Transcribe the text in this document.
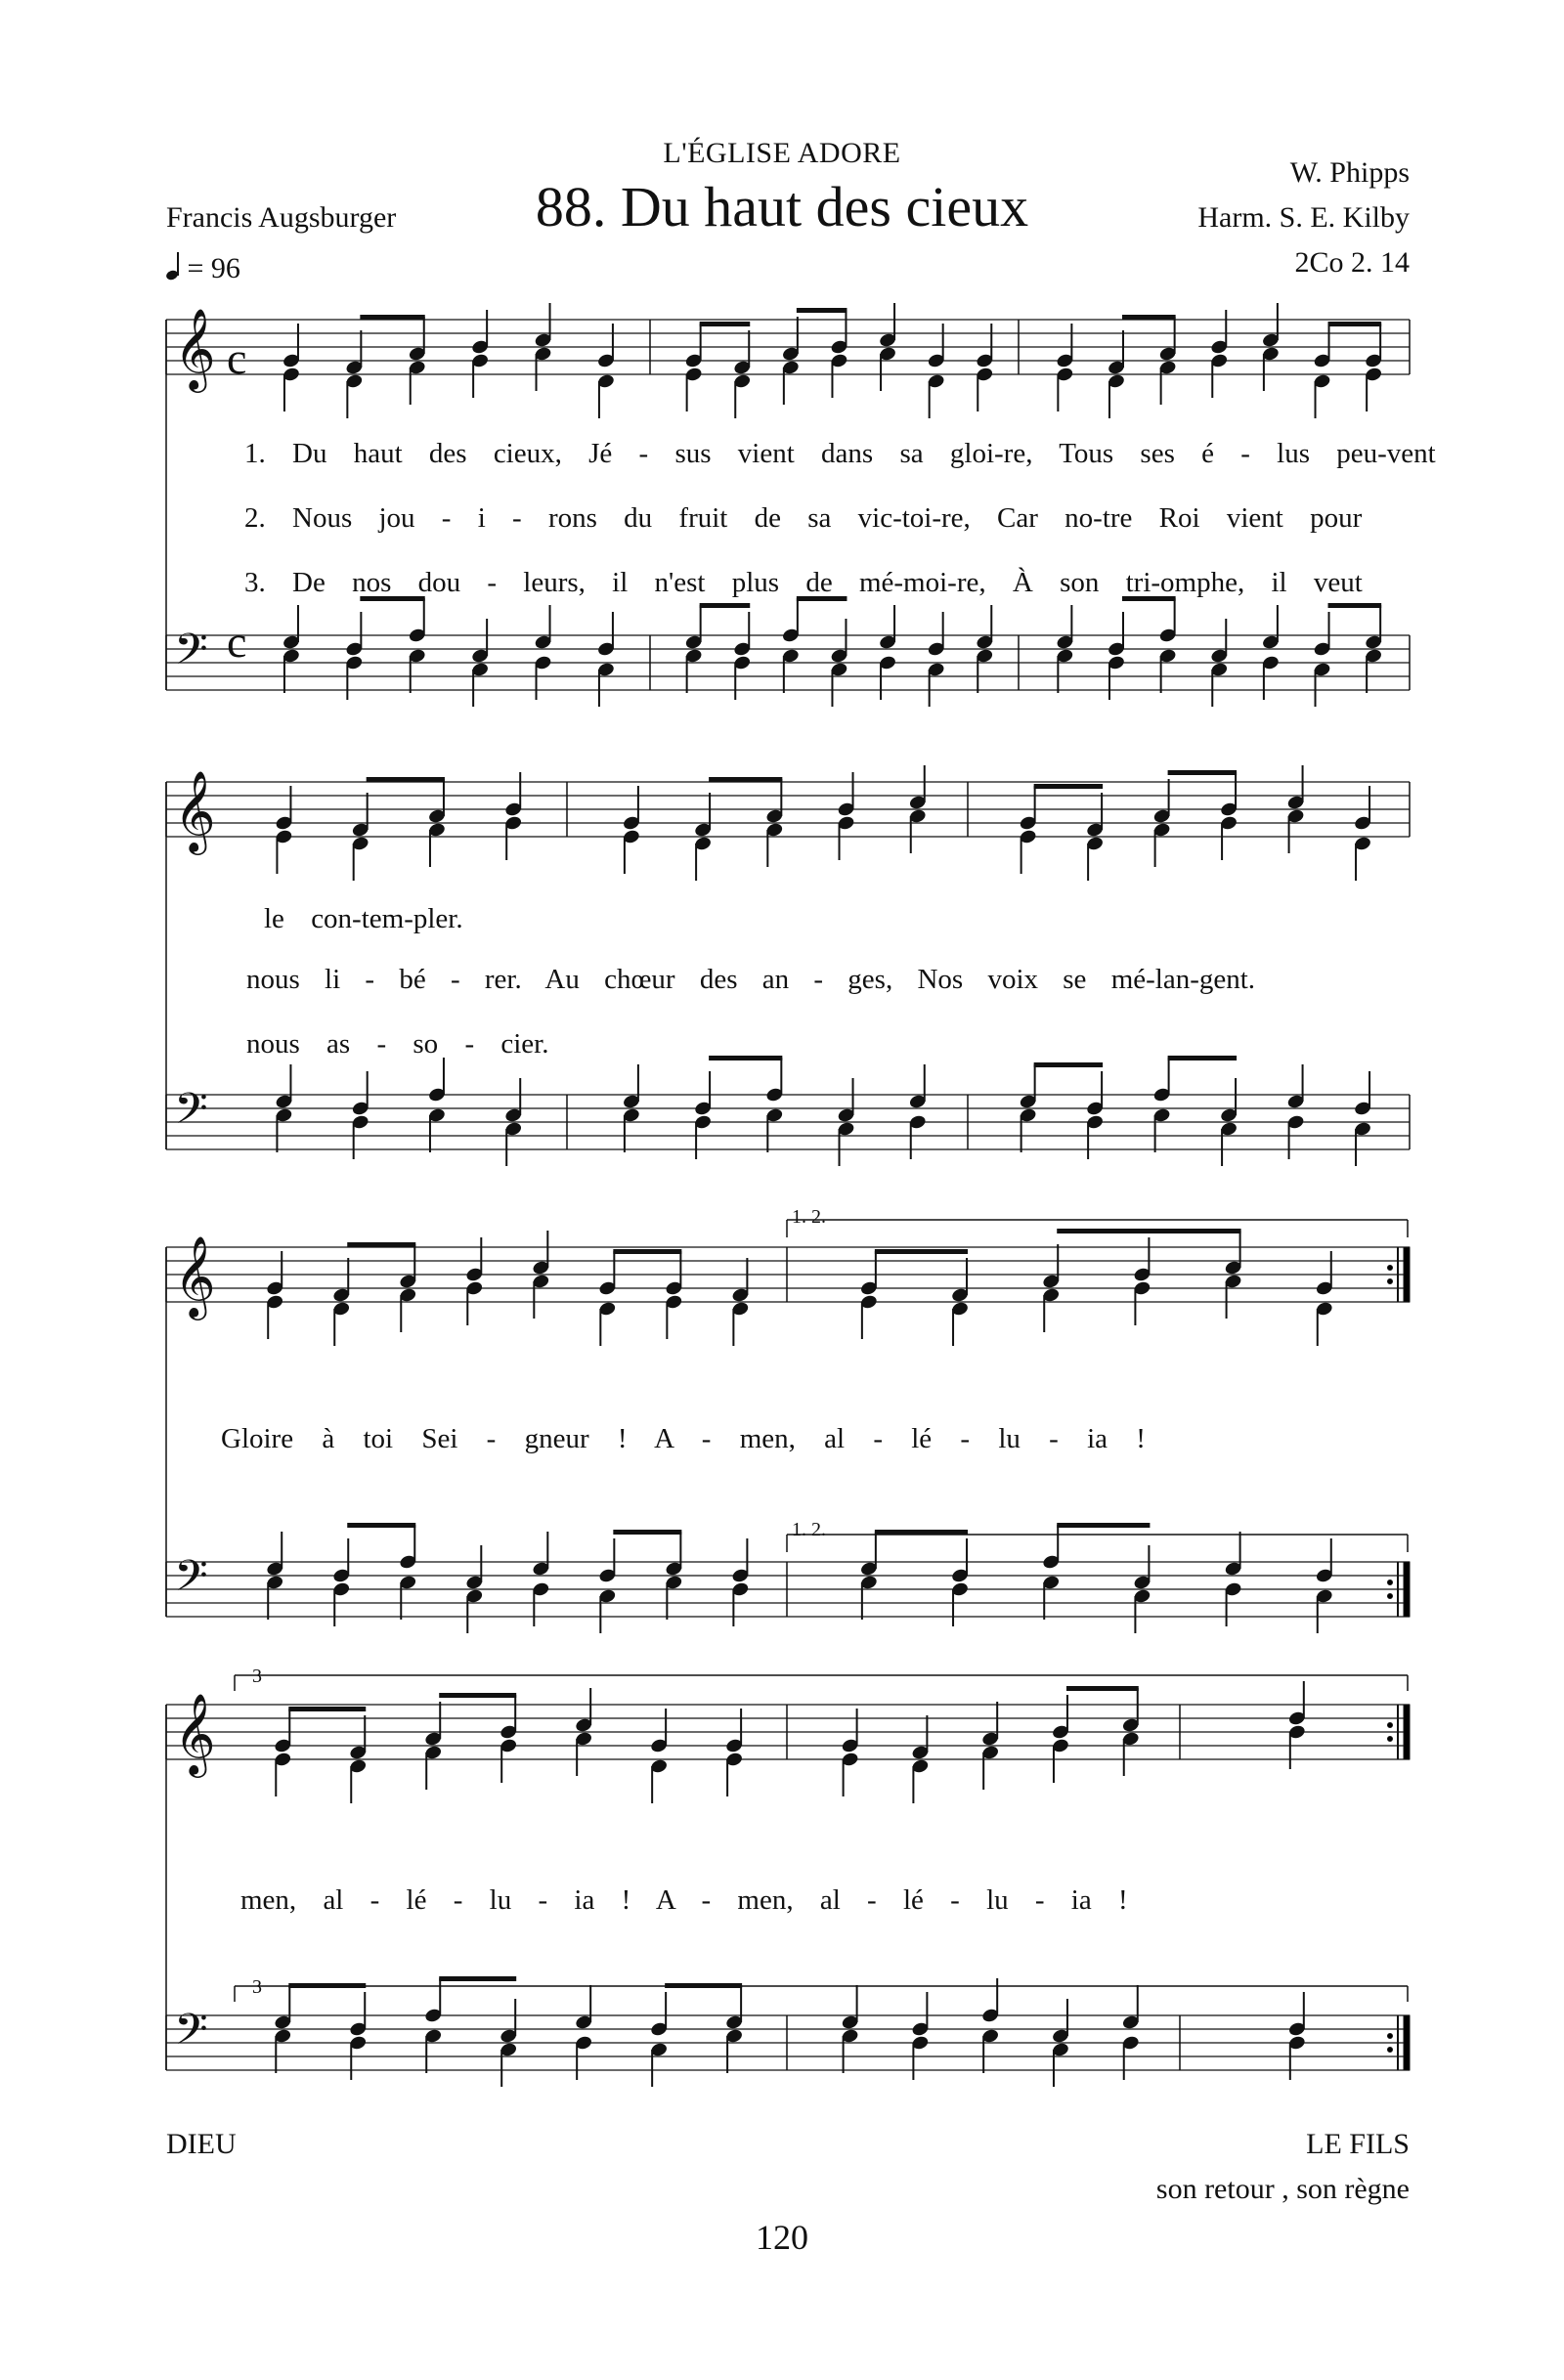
L'ÉGLISE ADORE
88. Du haut des cieux
Francis Augsburger
W. Phipps
Harm. S. E. Kilby
2Co 2. 14
= 96
𝄞
𝄢
𝄞
𝄢
𝄞
𝄢
𝄞
𝄢
c
c
1. 2.
1. 2.
3
3
1. Du haut des cieux, Jé - sus vient dans sa gloi-re, Tous ses é - lus peu-vent
2. Nous jou - i - rons du fruit de sa vic-toi-re, Car no-tre Roi vient pour
3. De nos dou - leurs, il n'est plus de mé-moi-re, À son tri-omphe, il veut
le con-tem-pler.
nous li - bé - rer. Au chœur des an - ges, Nos voix se mé-lan-gent.
nous as - so - cier.
Gloire à toi Sei - gneur ! A - men, al - lé - lu - ia !
men, al - lé - lu - ia ! A - men, al - lé - lu - ia !
DIEU	LE FILS
son retour , son règne
120
